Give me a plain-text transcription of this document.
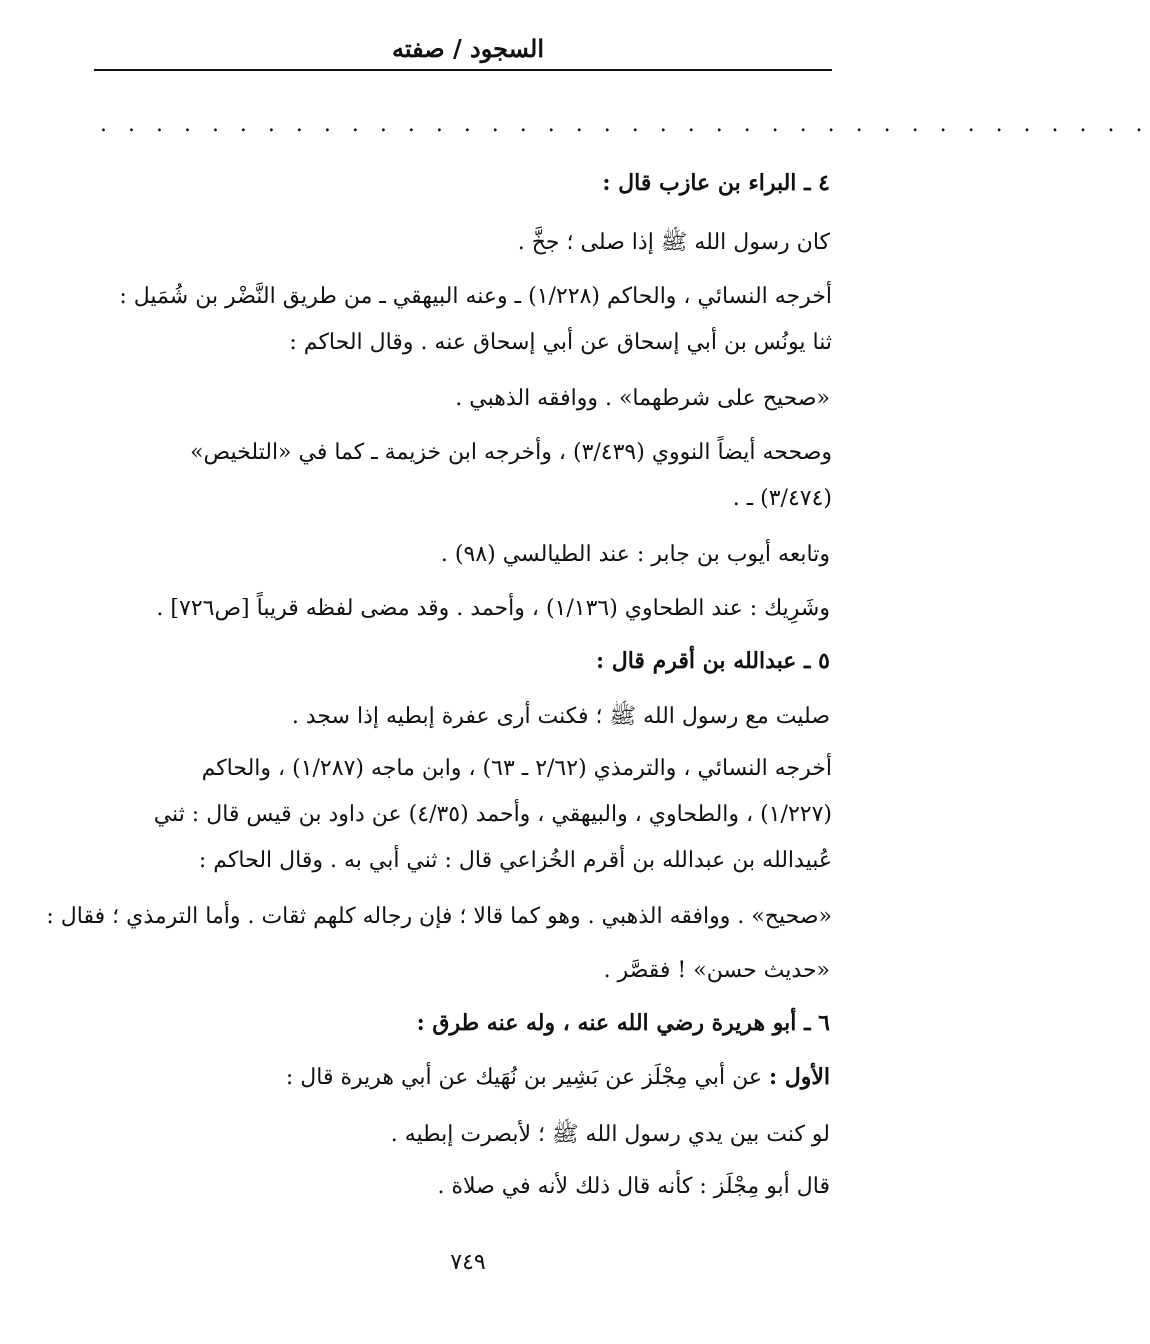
السجود / صفته
. . . . . . . . . . . . . . . . . . . . . . . . . . . . . . . . . . . . . .
٤ ـ البراء بن عازب قال :
كان رسول الله ﷺ إذا صلى ؛ جخَّ .
أخرجه النسائي ، والحاكم (١/٢٢٨) ـ وعنه البيهقي ـ من طريق النَّضْر بن شُمَيل :
ثنا يونُس بن أبي إسحاق عن أبي إسحاق عنه . وقال الحاكم :
«صحيح على شرطهما» . ووافقه الذهبي .
وصححه أيضاً النووي (٣/٤٣٩) ، وأخرجه ابن خزيمة ـ كما في «التلخيص»
(٣/٤٧٤) ـ .
وتابعه أيوب بن جابر : عند الطيالسي (٩٨) .
وشَرِيك : عند الطحاوي (١/١٣٦) ، وأحمد . وقد مضى لفظه قريباً [ص٧٢٦] .
٥ ـ عبدالله بن أقرم قال :
صليت مع رسول الله ﷺ ؛ فكنت أرى عفرة إبطيه إذا سجد .
أخرجه النسائي ، والترمذي (٢/٦٢ ـ ٦٣) ، وابن ماجه (١/٢٨٧) ، والحاكم
(١/٢٢٧) ، والطحاوي ، والبيهقي ، وأحمد (٤/٣٥) عن داود بن قيس قال : ثني
عُبيدالله بن عبدالله بن أقرم الخُزاعي قال : ثني أبي به . وقال الحاكم :
«صحيح» . ووافقه الذهبي . وهو كما قالا ؛ فإن رجاله كلهم ثقات . وأما الترمذي ؛ فقال :
«حديث حسن» ! فقصَّر .
٦ ـ أبو هريرة رضي الله عنه ، وله عنه طرق :
الأول : عن أبي مِجْلَز عن بَشِير بن نُهَيك عن أبي هريرة قال :
لو كنت بين يدي رسول الله ﷺ ؛ لأبصرت إبطيه .
قال أبو مِجْلَز : كأنه قال ذلك لأنه في صلاة .
٧٤٩
